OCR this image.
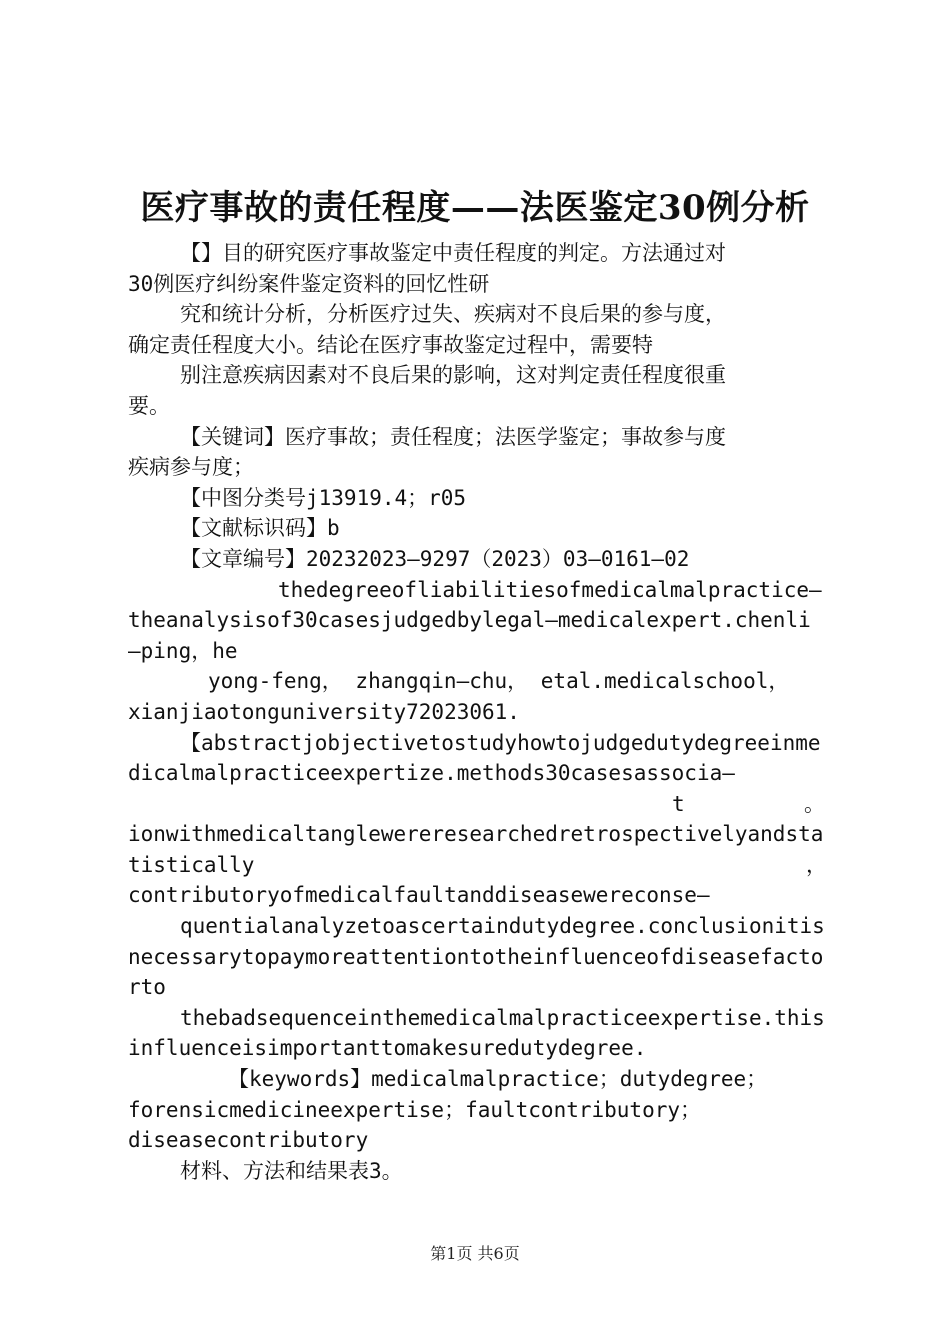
医疗事故的责任程度——法医鉴定30例分析
【】目的研究医疗事故鉴定中责任程度的判定。方法通过对
30例医疗纠纷案件鉴定资料的回忆性研
究和统计分析，分析医疗过失、疾病对不良后果的参与度，
确定责任程度大小。结论在医疗事故鉴定过程中，需要特
别注意疾病因素对不良后果的影响，这对判定责任程度很重
要。
【关键词】医疗事故；责任程度；法医学鉴定；事故参与度
疾病参与度；
【中图分类号j13919.4；r05
【文献标识码】b
【文章编号】20232023—9297（2023）03—0161—02
thedegreeofliabilitiesofmedicalmalpractice—
theanalysisof30casesjudgedbylegal—medicalexpert.chenli
—ping，he
yong-feng， zhangqin—chu， etal.medicalschool，
xianjiaotonguniversity72023061.
【abstractjobjectivetostudyhowtojudgedutydegreeinme
dicalmalpracticeexpertize.methods30casesassocia—
t	。
ionwithmedicaltanglewereresearchedretrospectivelyandsta
tistically	，
contributoryofmedicalfaultanddiseasewereconse—
quentialanalyzetoascertaindutydegree.conclusionitis
necessarytopaymoreattentiontotheinfluenceofdiseasefacto
rto
thebadsequenceinthemedicalmalpracticeexpertise.this
influenceisimportanttomakesuredutydegree.
【keywords】medicalmalpractice；dutydegree；
forensicmedicineexpertise；faultcontributory；
diseasecontributory
材料、方法和结果表3。
第1页 共6页
